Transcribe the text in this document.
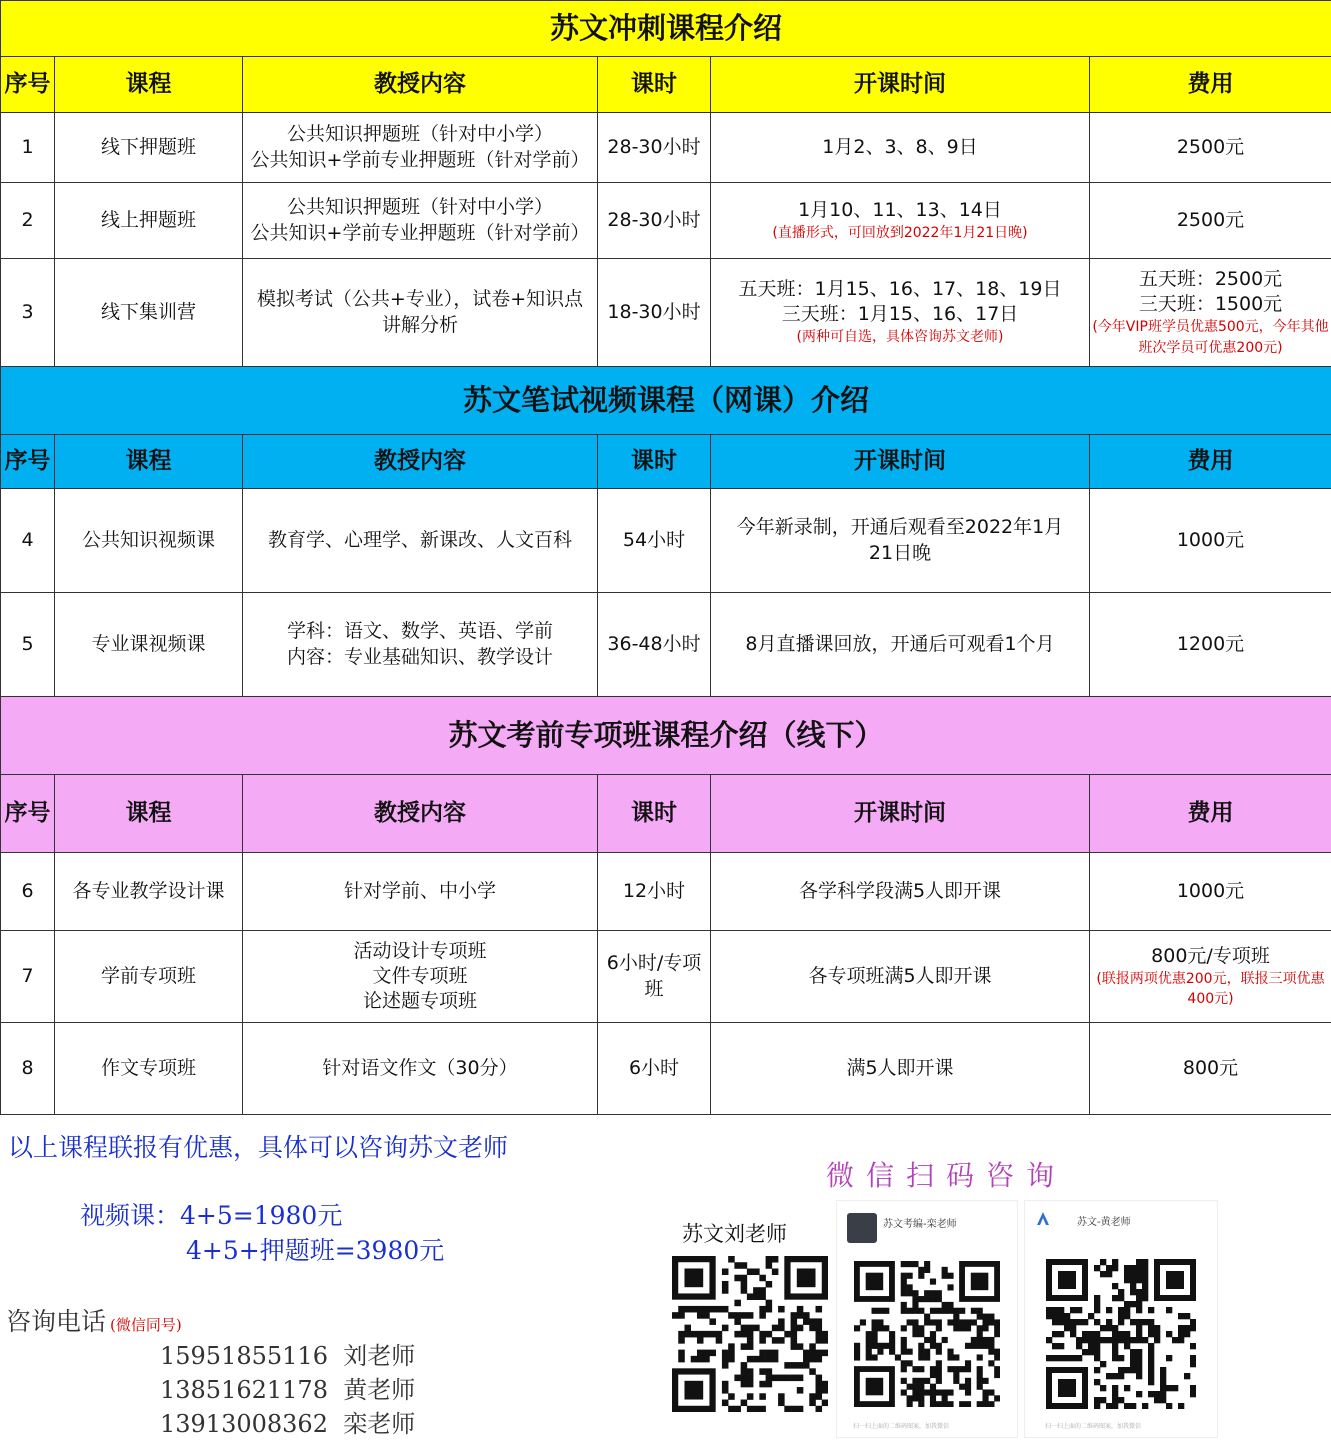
苏文冲刺课程介绍					
序号	课程	教授内容	课时	开课时间	费用
1	线下押题班	公共知识押题班（针对中小学）
公共知识+学前专业押题班（针对学前）	28-30小时	1月2、3、8、9日	2500元

2	线上押题班	公共知识押题班（针对中小学）
公共知识+学前专业押题班（针对学前）	28-30小时	1月10、11、13、14日
(直播形式，可回放到2022年1月21日晚)	2500元

3	线下集训营	模拟考试（公共+专业），试卷+知识点
讲解分析	18-30小时	五天班：1月15、16、17、18、19日
三天班：1月15、16、17日
(两种可自选，具体咨询苏文老师)	五天班：2500元
三天班：1500元
(今年VIP班学员优惠500元，今年其他班次学员可优惠200元)

苏文笔试视频课程（网课）介绍					
序号	课程	教授内容	课时	开课时间	费用
4	公共知识视频课	教育学、心理学、新课改、人文百科	54小时	今年新录制，开通后观看至2022年1月
21日晚	1000元

5	专业课视频课	学科：语文、数学、英语、学前
内容：专业基础知识、教学设计	36-48小时	8月直播课回放，开通后可观看1个月	1200元

苏文考前专项班课程介绍（线下）					
序号	课程	教授内容	课时	开课时间	费用
6	各专业教学设计课	针对学前、中小学	12小时	各学科学段满5人即开课	1000元

7	学前专项班	活动设计专项班
文件专项班
论述题专项班	6小时/专项
班	各专项班满5人即开课	800元/专项班
(联报两项优惠200元，联报三项优惠400元)

8	作文专项班	针对语文作文（30分）	6小时	满5人即开课	800元
以上课程联报有优惠，具体可以咨询苏文老师
视频课：4+5=1980元
4+5+押题班=3980元
咨询电话 (微信同号)
15951855116 刘老师
13851621178 黄老师
13913008362 栾老师
微信扫码咨询
苏文刘老师	苏文考编-栾老师
扫一扫上面的二维码图案，加我微信
苏文-黄老师
扫一扫上面的二维码图案，加我微信
